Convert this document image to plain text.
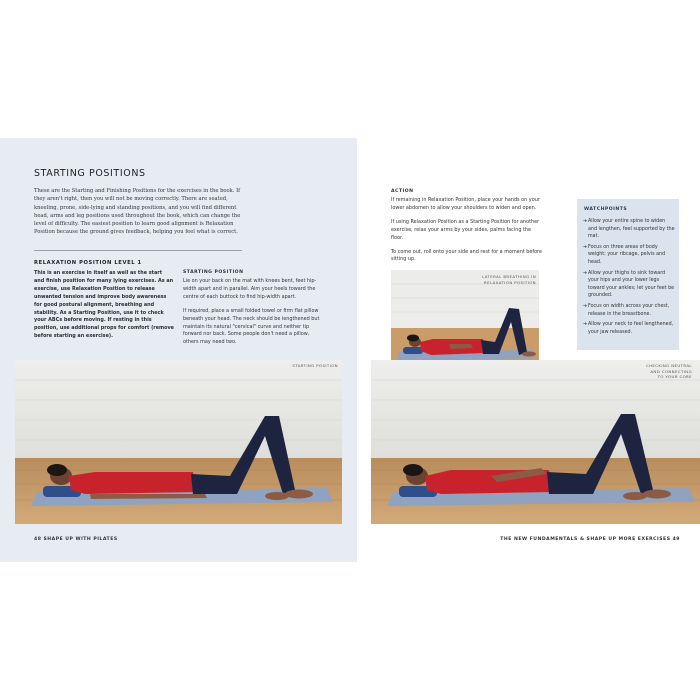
STARTING POSITIONS
These are the Starting and Finishing Positions for the exercises in the book. If they aren't right, then you will not be moving correctly. There are seated, kneeling, prone, side-lying and standing positions, and you will find different head, arms and leg positions used throughout the book, which can change the level of difficulty. The easiest position to learn good alignment is Relaxation Position because the ground gives feedback, helping you feel what is correct.
RELAXATION POSITION LEVEL 1
This is an exercise in itself as well as the start and finish position for many lying exercises. As an exercise, use Relaxation Position to release unwanted tension and improve body awareness for good postural alignment, breathing and stability. As a Starting Position, use it to check your ABCs before moving. If resting in this position, use additional props for comfort (remove before starting an exercise).
STARTING POSITION

Lie on your back on the mat with knees bent, feet hip-width apart and in parallel. Aim your heels toward the centre of each buttock to find hip-width apart.

If required, place a small folded towel or firm flat pillow beneath your head. The neck should be lengthened but maintain its natural "cervical" curve and neither tip forward nor back. Some people don't need a pillow, others may need two.

STARTING POSITION
48 SHAPE UP WITH PILATES
ACTION

If remaining in Relaxation Position, place your hands on your lower abdomen to allow your shoulders to widen and open.

If using Relaxation Position as a Starting Position for another exercise, relax your arms by your sides, palms facing the floor.

To come out, roll onto your side and rest for a moment before sitting up.

WATCHPOINTS
➔ Allow your entire spine to widen and lengthen, feel supported by the mat.
➔ Focus on three areas of body weight: your ribcage, pelvis and head.
➔ Allow your thighs to sink toward your hips and your lower legs toward your ankles; let your feet be grounded.
➔ Focus on width across your chest, release in the breastbone.
➔ Allow your neck to feel lengthened, your jaw released.
LATERAL BREATHING IN
RELAXATION POSITION
CHECKING NEUTRAL
AND CONNECTING
TO YOUR CORE
THE NEW FUNDAMENTALS & SHAPE UP MORE EXERCISES 49
